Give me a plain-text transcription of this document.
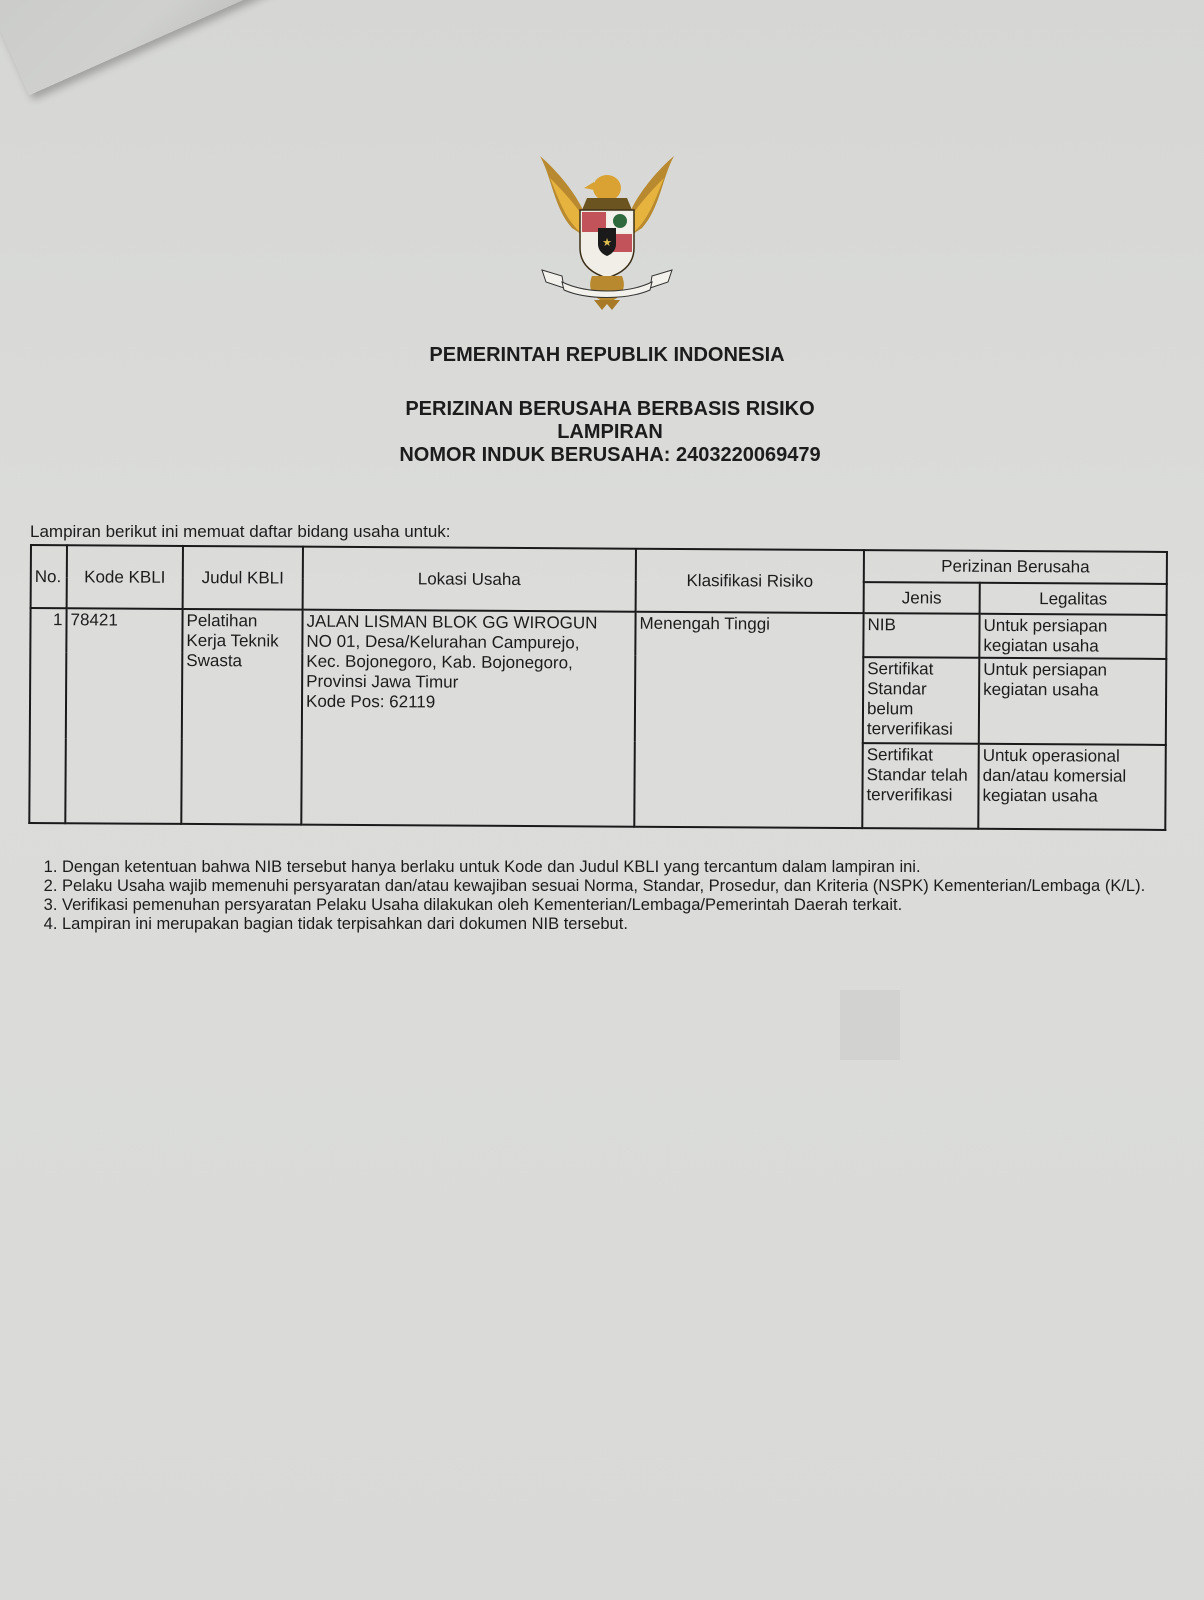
★
PEMERINTAH REPUBLIK INDONESIA
PERIZINAN BERUSAHA BERBASIS RISIKO
LAMPIRAN
NOMOR INDUK BERUSAHA: 2403220069479
Lampiran berikut ini memuat daftar bidang usaha untuk:
No.	Kode KBLI	Judul KBLI	Lokasi Usaha	Klasifikasi Risiko	Perizinan Berusaha	
					Jenis	Legalitas
1	78421	Pelatihan Kerja Teknik Swasta	JALAN LISMAN BLOK GG WIROGUN
NO 01, Desa/Kelurahan Campurejo,
Kec. Bojonegoro, Kab. Bojonegoro,
Provinsi Jawa Timur
Kode Pos: 62119	Menengah Tinggi	NIB	Untuk persiapan kegiatan usaha
					Sertifikat Standar belum terverifikasi	Untuk persiapan kegiatan usaha
					Sertifikat Standar telah terverifikasi	Untuk operasional dan/atau komersial kegiatan usaha
1. Dengan ketentuan bahwa NIB tersebut hanya berlaku untuk Kode dan Judul KBLI yang tercantum dalam lampiran ini.
2. Pelaku Usaha wajib memenuhi persyaratan dan/atau kewajiban sesuai Norma, Standar, Prosedur, dan Kriteria (NSPK) Kementerian/Lembaga (K/L).
3. Verifikasi pemenuhan persyaratan Pelaku Usaha dilakukan oleh Kementerian/Lembaga/Pemerintah Daerah terkait.
4. Lampiran ini merupakan bagian tidak terpisahkan dari dokumen NIB tersebut.
